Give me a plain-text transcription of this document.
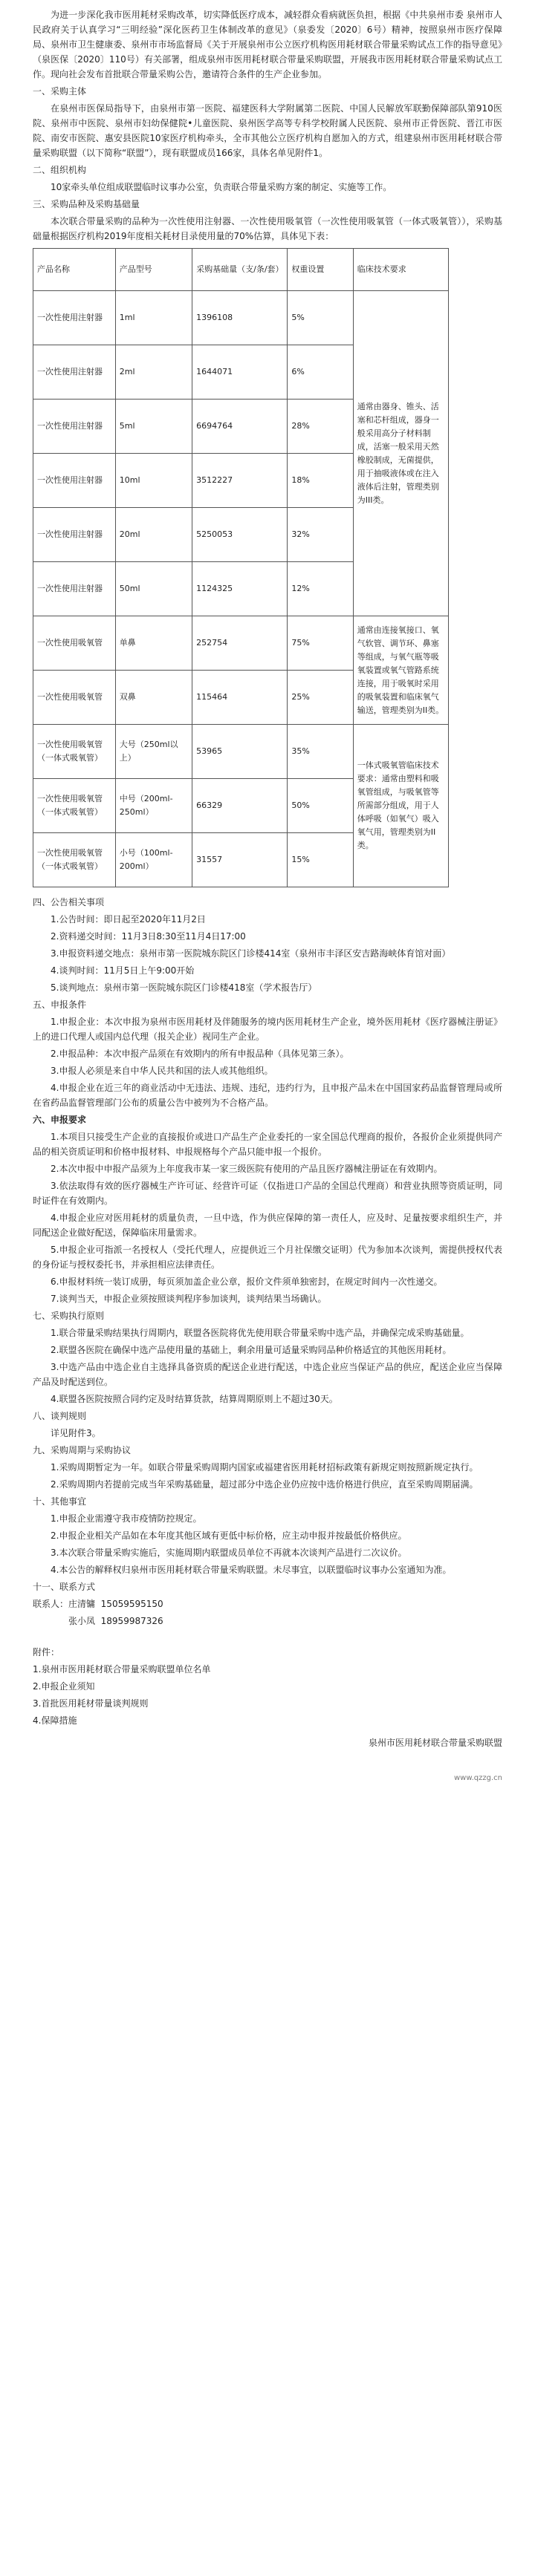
为进一步深化我市医用耗材采购改革，切实降低医疗成本，减轻群众看病就医负担，根据《中共泉州市委 泉州市人民政府关于认真学习“三明经验”深化医药卫生体制改革的意见》（泉委发〔2020〕6号）精神，按照泉州市医疗保障局、泉州市卫生健康委、泉州市市场监督局《关于开展泉州市公立医疗机构医用耗材联合带量采购试点工作的指导意见》（泉医保〔2020〕110号）有关部署，组成泉州市医用耗材联合带量采购联盟，开展我市医用耗材联合带量采购试点工作。现向社会发布首批联合带量采购公告，邀请符合条件的生产企业参加。

一、采购主体

在泉州市医保局指导下，由泉州市第一医院、福建医科大学附属第二医院、中国人民解放军联勤保障部队第910医院、泉州市中医院、泉州市妇幼保健院•儿童医院、泉州医学高等专科学校附属人民医院、泉州市正骨医院、晋江市医院、南安市医院、惠安县医院10家医疗机构牵头，全市其他公立医疗机构自愿加入的方式，组建泉州市医用耗材联合带量采购联盟（以下简称“联盟”），现有联盟成员166家，具体名单见附件1。

二、组织机构

10家牵头单位组成联盟临时议事办公室，负责联合带量采购方案的制定、实施等工作。

三、采购品种及采购基础量

本次联合带量采购的品种为一次性使用注射器、一次性使用吸氧管（一次性使用吸氧管（一体式吸氧管）），采购基础量根据医疗机构2019年度相关耗材目录使用量的70%估算，具体见下表：

产品名称	产品型号	采购基础量（支/条/套）	权重设置	临床技术要求
一次性使用注射器	1ml	1396108	5%	通常由器身、锥头、活塞和芯杆组成，器身一般采用高分子材料制成，活塞一般采用天然橡胶制成，无菌提供，用于抽吸液体或在注入液体后注射，管理类别为III类。
一次性使用注射器	2ml	1644071	6%	
一次性使用注射器	5ml	6694764	28%	
一次性使用注射器	10ml	3512227	18%	
一次性使用注射器	20ml	5250053	32%	
一次性使用注射器	50ml	1124325	12%	
一次性使用吸氧管	单鼻	252754	75%	通常由连接氧接口、氧气软管、调节环、鼻塞等组成，与氧气瓶等吸氧装置或氧气管路系统连接，用于吸氧时采用的吸氧装置和临床氧气输送，管理类别为II类。
一次性使用吸氧管	双鼻	115464	25%	
一次性使用吸氧管（一体式吸氧管）	大号（250ml以上）	53965	35%	一体式吸氧管临床技术要求：通常由塑料和吸氧管组成，与吸氧管等所需部分组成，用于人体呼吸（如氧气）吸入氧气用，管理类别为II类。
一次性使用吸氧管（一体式吸氧管）	中号（200ml-250ml）	66329	50%	
一次性使用吸氧管（一体式吸氧管）	小号（100ml-200ml）	31557	15%	

四、公告相关事项

1.公告时间：即日起至2020年11月2日

2.资料递交时间：11月3日8:30至11月4日17:00

3.申报资料递交地点：泉州市第一医院城东院区门诊楼414室（泉州市丰泽区安吉路海峡体育馆对面）

4.谈判时间：11月5日上午9:00开始

5.谈判地点：泉州市第一医院城东院区门诊楼418室（学术报告厅）

五、申报条件

1.申报企业：本次申报为泉州市医用耗材及伴随服务的境内医用耗材生产企业，境外医用耗材《医疗器械注册证》上的进口代理人或国内总代理（报关企业）视同生产企业。

2.申报品种：本次申报产品须在有效期内的所有申报品种（具体见第三条）。

3.申报人必须是来自中华人民共和国的法人或其他组织。

4.申报企业在近三年的商业活动中无违法、违规、违纪，违约行为，且申报产品未在中国国家药品监督管理局或所在省药品监督管理部门公布的质量公告中被列为不合格产品。

六、申报要求

1.本项目只接受生产企业的直接报价或进口产品生产企业委托的一家全国总代理商的报价，各报价企业须提供同产品的相关资质证明和价格申报材料、申报规格每个产品只能申报一个报价。

2.本次申报中申报产品须为上年度我市某一家三级医院有使用的产品且医疗器械注册证在有效期内。

3.依法取得有效的医疗器械生产许可证、经营许可证（仅指进口产品的全国总代理商）和营业执照等资质证明，同时证件在有效期内。

4.申报企业应对医用耗材的质量负责，一旦中选，作为供应保障的第一责任人，应及时、足量按要求组织生产，并同配送企业做好配送，保障临床用量需求。

5.申报企业可指派一名授权人（受托代理人，应提供近三个月社保缴交证明）代为参加本次谈判，需提供授权代表的身份证与授权委托书，并承担相应法律责任。

6.申报材料统一装订成册，每页须加盖企业公章，报价文件须单独密封，在规定时间内一次性递交。

7.谈判当天，申报企业须按照谈判程序参加谈判，谈判结果当场确认。

七、采购执行原则

1.联合带量采购结果执行周期内，联盟各医院将优先使用联合带量采购中选产品，并确保完成采购基础量。

2.联盟各医院在确保中选产品使用量的基础上，剩余用量可适量采购同品种价格适宜的其他医用耗材。

3.中选产品由中选企业自主选择具备资质的配送企业进行配送，中选企业应当保证产品的供应，配送企业应当保障产品及时配送到位。

4.联盟各医院按照合同约定及时结算货款，结算周期原则上不超过30天。

八、谈判规则

详见附件3。

九、采购周期与采购协议

1.采购周期暂定为一年。如联合带量采购周期内国家或福建省医用耗材招标政策有新规定则按照新规定执行。

2.采购周期内若提前完成当年采购基础量，超过部分中选企业仍应按中选价格进行供应，直至采购周期届满。

十、其他事宜

1.申报企业需遵守我市疫情防控规定。

2.申报企业相关产品如在本年度其他区域有更低中标价格，应主动申报并按最低价格供应。

3.本次联合带量采购实施后，实施周期内联盟成员单位不再就本次谈判产品进行二次议价。

4.本公告的解释权归泉州市医用耗材联合带量采购联盟。未尽事宜，以联盟临时议事办公室通知为准。

十一、联系方式

联系人：庄清镛 15059595150

张小凤 18959987326

附件：

1.泉州市医用耗材联合带量采购联盟单位名单

2.申报企业须知

3.首批医用耗材带量谈判规则

4.保障措施

泉州市医用耗材联合带量采购联盟

www.qzzg.cn
